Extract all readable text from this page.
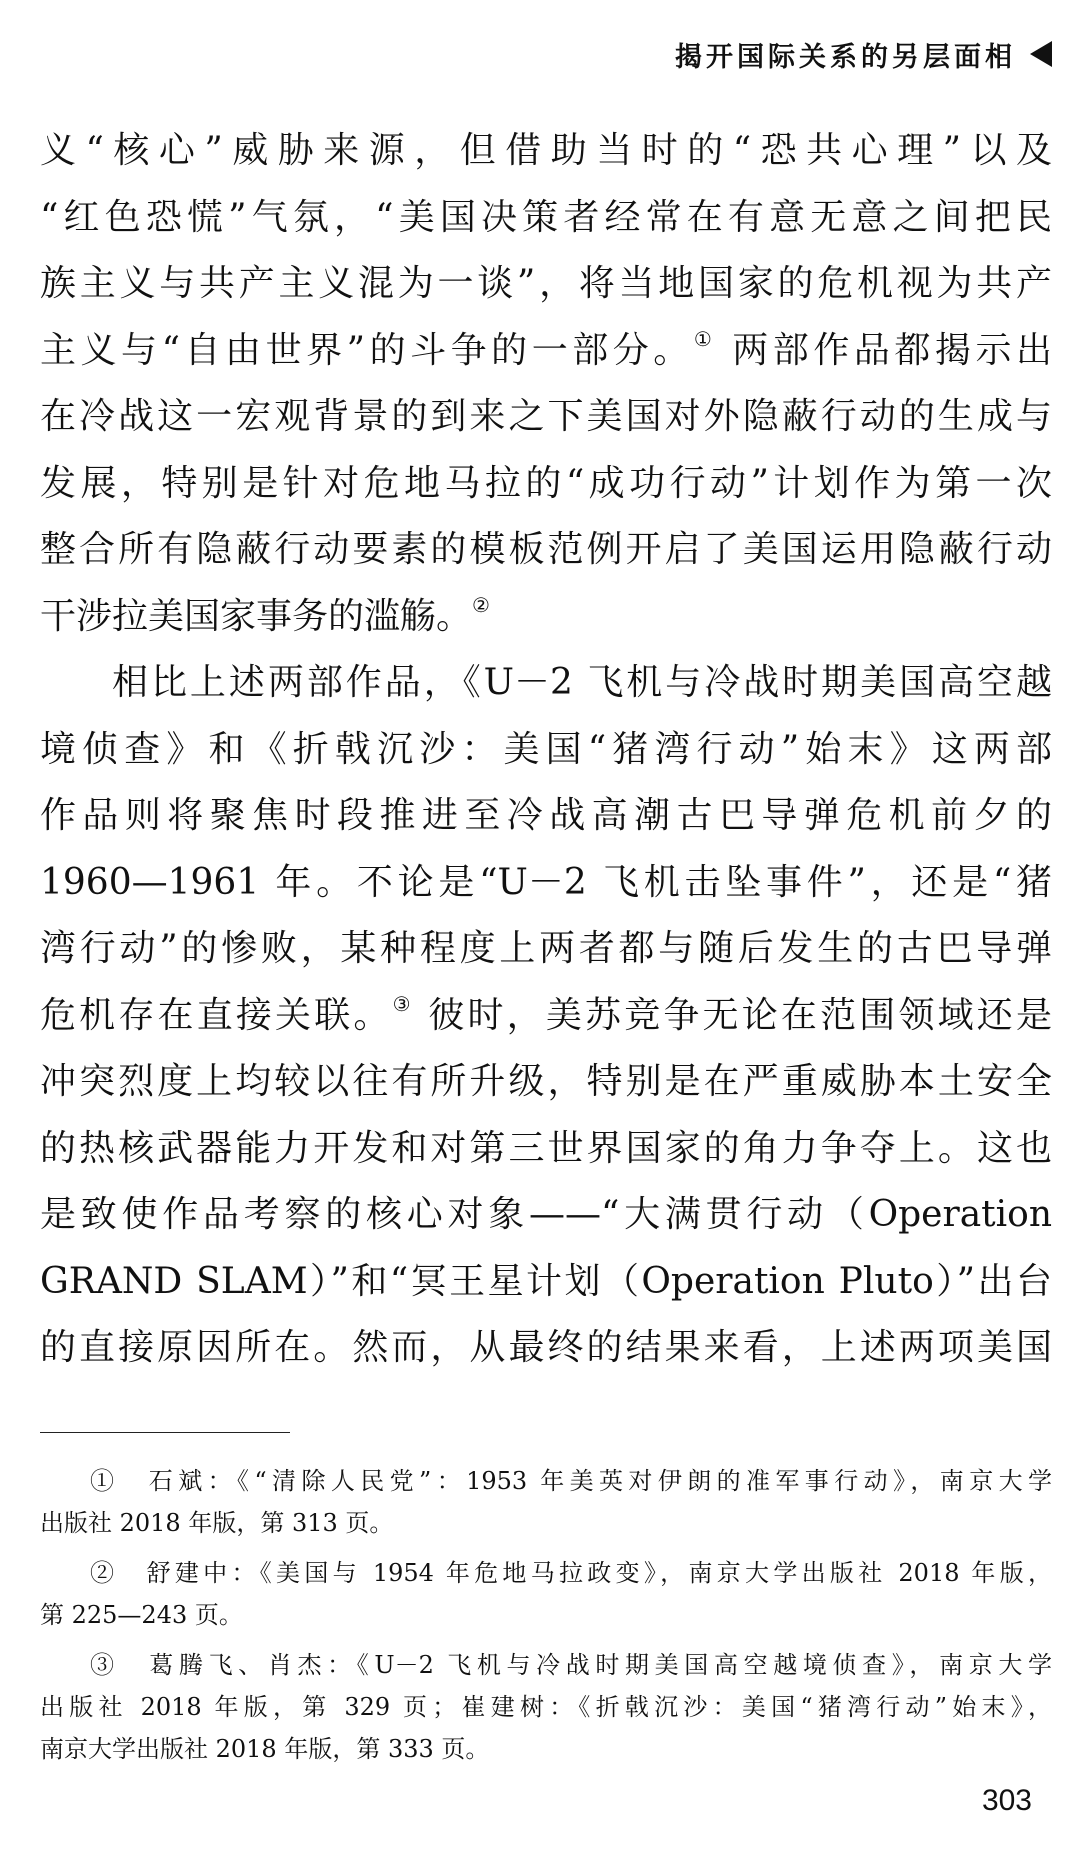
揭开国际关系的另层面相
义“核心”威胁来源，但借助当时的“恐共心理”以及
“红色恐慌”气氛，“美国决策者经常在有意无意之间把民
族主义与共产主义混为一谈”，将当地国家的危机视为共产
主义与“自由世界”的斗争的一部分。① 两部作品都揭示出
在冷战这一宏观背景的到来之下美国对外隐蔽行动的生成与
发展，特别是针对危地马拉的“成功行动”计划作为第一次
整合所有隐蔽行动要素的模板范例开启了美国运用隐蔽行动
干涉拉美国家事务的滥觞。②
相比上述两部作品，《U－2 飞机与冷战时期美国高空越
境侦查》和《折戟沉沙：美国“猪湾行动”始末》这两部
作品则将聚焦时段推进至冷战高潮古巴导弹危机前夕的
1960—1961 年。不论是“U－2 飞机击坠事件”，还是“猪
湾行动”的惨败，某种程度上两者都与随后发生的古巴导弹
危机存在直接关联。③ 彼时，美苏竞争无论在范围领域还是
冲突烈度上均较以往有所升级，特别是在严重威胁本土安全
的热核武器能力开发和对第三世界国家的角力争夺上。这也
是致使作品考察的核心对象——“大满贯行动（Operation
GRAND SLAM）”和“冥王星计划（Operation Pluto）”出台
的直接原因所在。然而，从最终的结果来看，上述两项美国
①　石斌：《“清除人民党”：1953 年美英对伊朗的准军事行动》，南京大学
出版社 2018 年版，第 313 页。
②　舒建中：《美国与 1954 年危地马拉政变》，南京大学出版社 2018 年版，
第 225—243 页。
③　葛腾飞、肖杰：《U－2 飞机与冷战时期美国高空越境侦查》，南京大学
出版社 2018 年版，第 329 页；崔建树：《折戟沉沙：美国“猪湾行动”始末》，
南京大学出版社 2018 年版，第 333 页。
303
